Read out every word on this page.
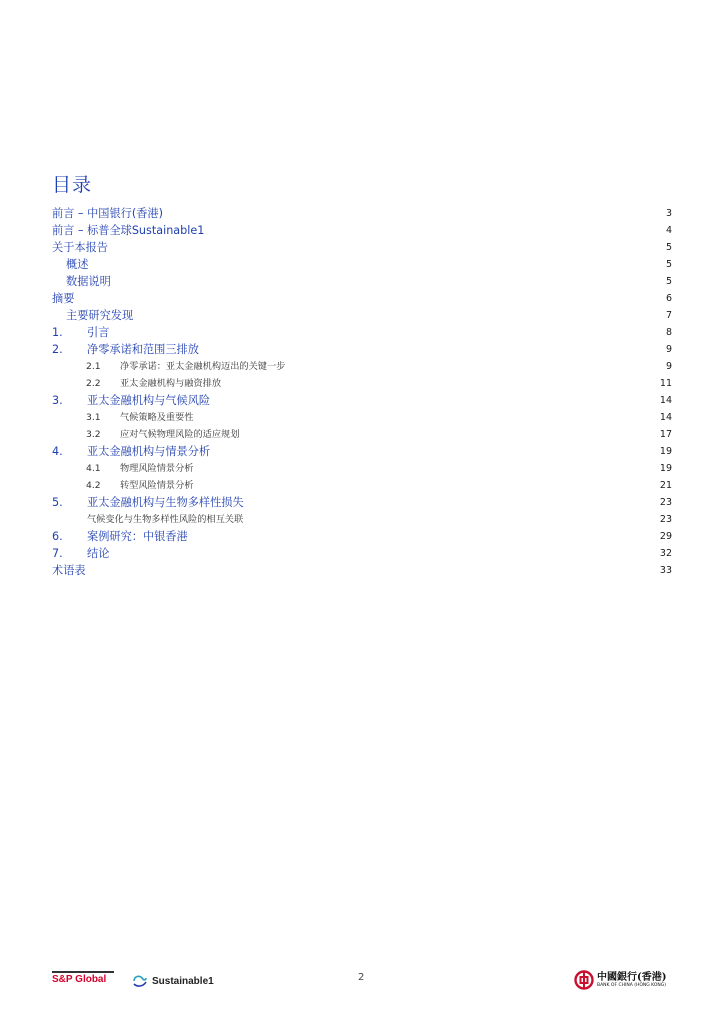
目录
前言 – 中国银行(香港)	3
前言 – 标普全球Sustainable1	4
关于本报告	5
概述	5
数据说明	5
摘要	6
主要研究发现	7
1.	引言	8
2.	净零承诺和范围三排放	9
2.1	净零承诺：亚太金融机构迈出的关键一步	9
2.2	亚太金融机构与融资排放	11
3.	亚太金融机构与气候风险	14
3.1	气候策略及重要性	14
3.2	应对气候物理风险的适应规划	17
4.	亚太金融机构与情景分析	19
4.1	物理风险情景分析	19
4.2	转型风险情景分析	21
5.	亚太金融机构与生物多样性损失	23
气候变化与生物多样性风险的相互关联	23
6.	案例研究：中银香港	29
7.	结论	32
术语表	33
S&P Global	Sustainable1	2	中國銀行(香港)
BANK OF CHINA (HONG KONG)
